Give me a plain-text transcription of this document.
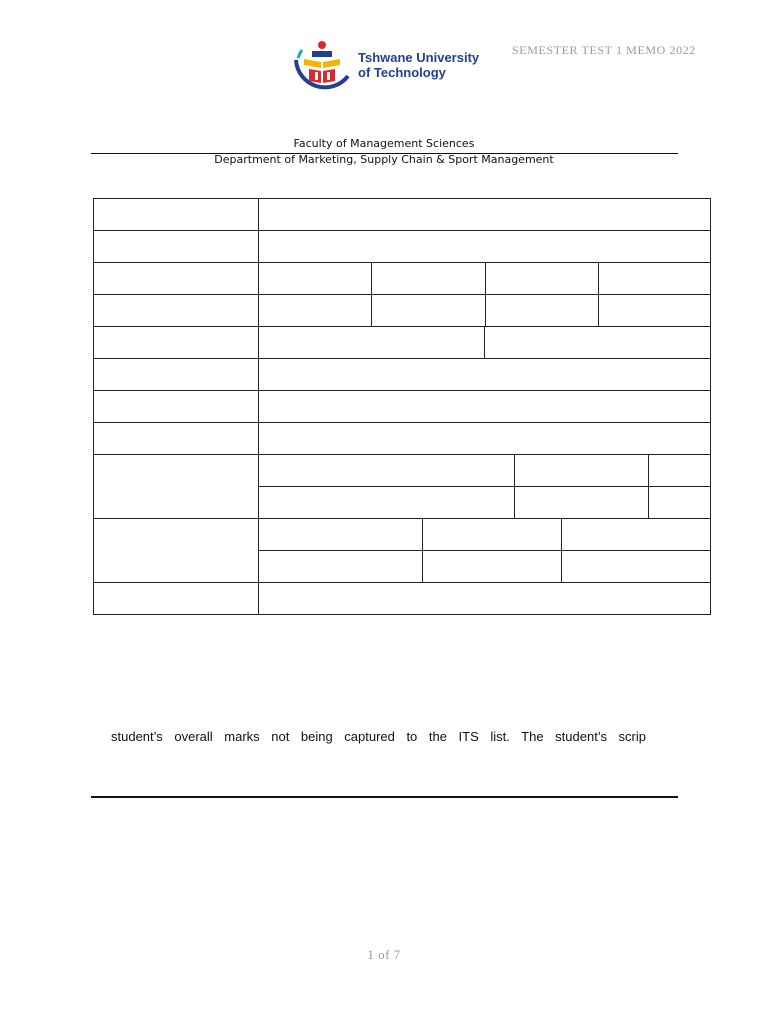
SEMESTER TEST 1 MEMO 2022
Tshwane University
of Technology
Faculty of Management Sciences
Department of Marketing, Supply Chain & Sport Management
student’s overall marks not being captured to the ITS list. The student’s scrip
1 of 7
